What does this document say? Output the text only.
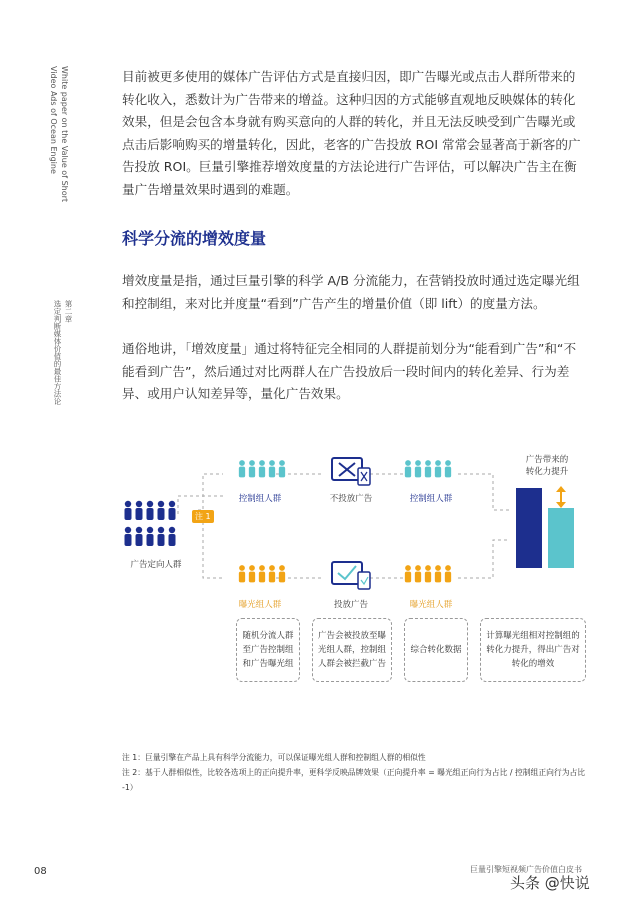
White paper on the Value of Short Video Ads of Ocean Engine
第二章
选定判断媒体价值的最佳方法论

目前被更多使用的媒体广告评估方式是直接归因，即广告曝光或点击人群所带来的转化收入，悉数计为广告带来的增益。这种归因的方式能够直观地反映媒体的转化效果，但是会包含本身就有购买意向的人群的转化，并且无法反映受到广告曝光或点击后影响购买的增量转化，因此，老客的广告投放 ROI 常常会显著高于新客的广告投放 ROI。巨量引擎推荐增效度量的方法论进行广告评估，可以解决广告主在衡量广告增量效果时遇到的难题。

科学分流的增效度量

增效度量是指，通过巨量引擎的科学 A/B 分流能力，在营销投放时通过选定曝光组和控制组，来对比并度量“看到”广告产生的增量价值（即 lift）的度量方法。

通俗地讲，「增效度量」通过将特征完全相同的人群提前划分为“能看到广告”和“不能看到广告”，然后通过对比两群人在广告投放后一段时间内的转化差异、行为差异、或用户认知差异等，量化广告效果。

广告定向人群
注 1
控制组人群	不投放广告	控制组人群
曝光组人群	投放广告	曝光组人群
广告带来的
转化力提升
随机分流人群至广告控制组和广告曝光组
广告会被投放至曝光组人群，控制组人群会被拦截广告
综合转化数据
计算曝光组相对控制组的转化力提升，得出广告对转化的增效
注 1：巨量引擎在产品上具有科学分流能力，可以保证曝光组人群和控制组人群的相似性
注 2：基于人群相似性，比较各选项上的正向提升率，更科学反映品牌效果（正向提升率 = 曝光组正向行为占比 / 控制组正向行为占比 -1）
08	巨量引擎短视频广告价值白皮书
头条 @快说
